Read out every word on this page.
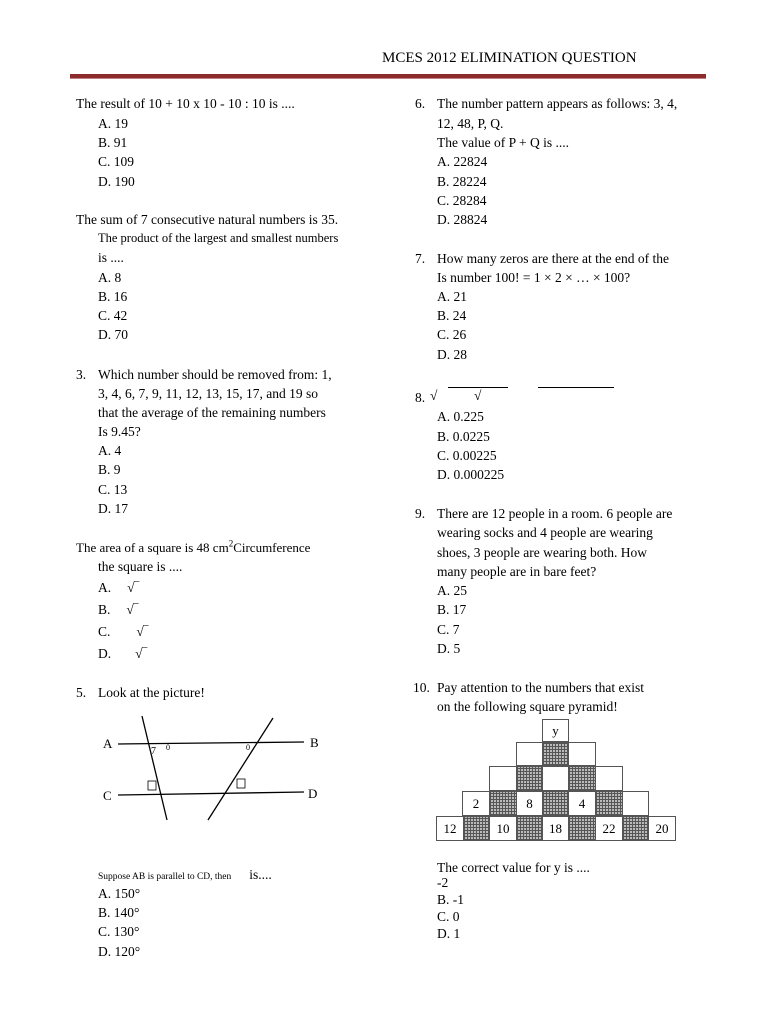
MCES 2012 ELIMINATION QUESTION
The result of 10 + 10 x 10 - 10 : 10 is ....
A. 19
B. 91
C. 109
D. 190
The sum of 7 consecutive natural numbers is 35.
The product of the largest and smallest numbers
is ....
A. 8
B. 16
C. 42
D. 70
3. Which number should be removed from: 1,
3, 4, 6, 7, 9, 11, 12, 13, 15, 17, and 19 so
that the average of the remaining numbers
Is 9.45?
A. 4
B. 9
C. 13
D. 17
The area of a square is 48 $cm^2Circumference$
the square is ....
A. √‾
B. √‾
C. √‾
D. √‾
5. Look at the picture!
A	B
C	D
7 0	0
Suppose AB is parallel to CD, then is....
A. 150°
B. 140°
C. 130°
D. 120°
6. The number pattern appears as follows: 3, 4,
12, 48, P, Q.
The value of P + Q is ....
A. 22824
B. 28224
C. 28284
D. 28824
7. How many zeros are there at the end of the
Is number 100! = 1 × 2 × … × 100?
A. 21
B. 24
C. 26
D. 28
8. √	√
A. 0.225
B. 0.0225
C. 0.00225
D. 0.000225
9. There are 12 people in a room. 6 people are
wearing socks and 4 people are wearing
shoes, 3 people are wearing both. How
many people are in bare feet?
A. 25
B. 17
C. 7
D. 5
10. Pay attention to the numbers that exist
on the following square pyramid!
y
2	8	4
12	10	18	22	20
The correct value for y is ....
-2
B. -1
C. 0
D. 1
